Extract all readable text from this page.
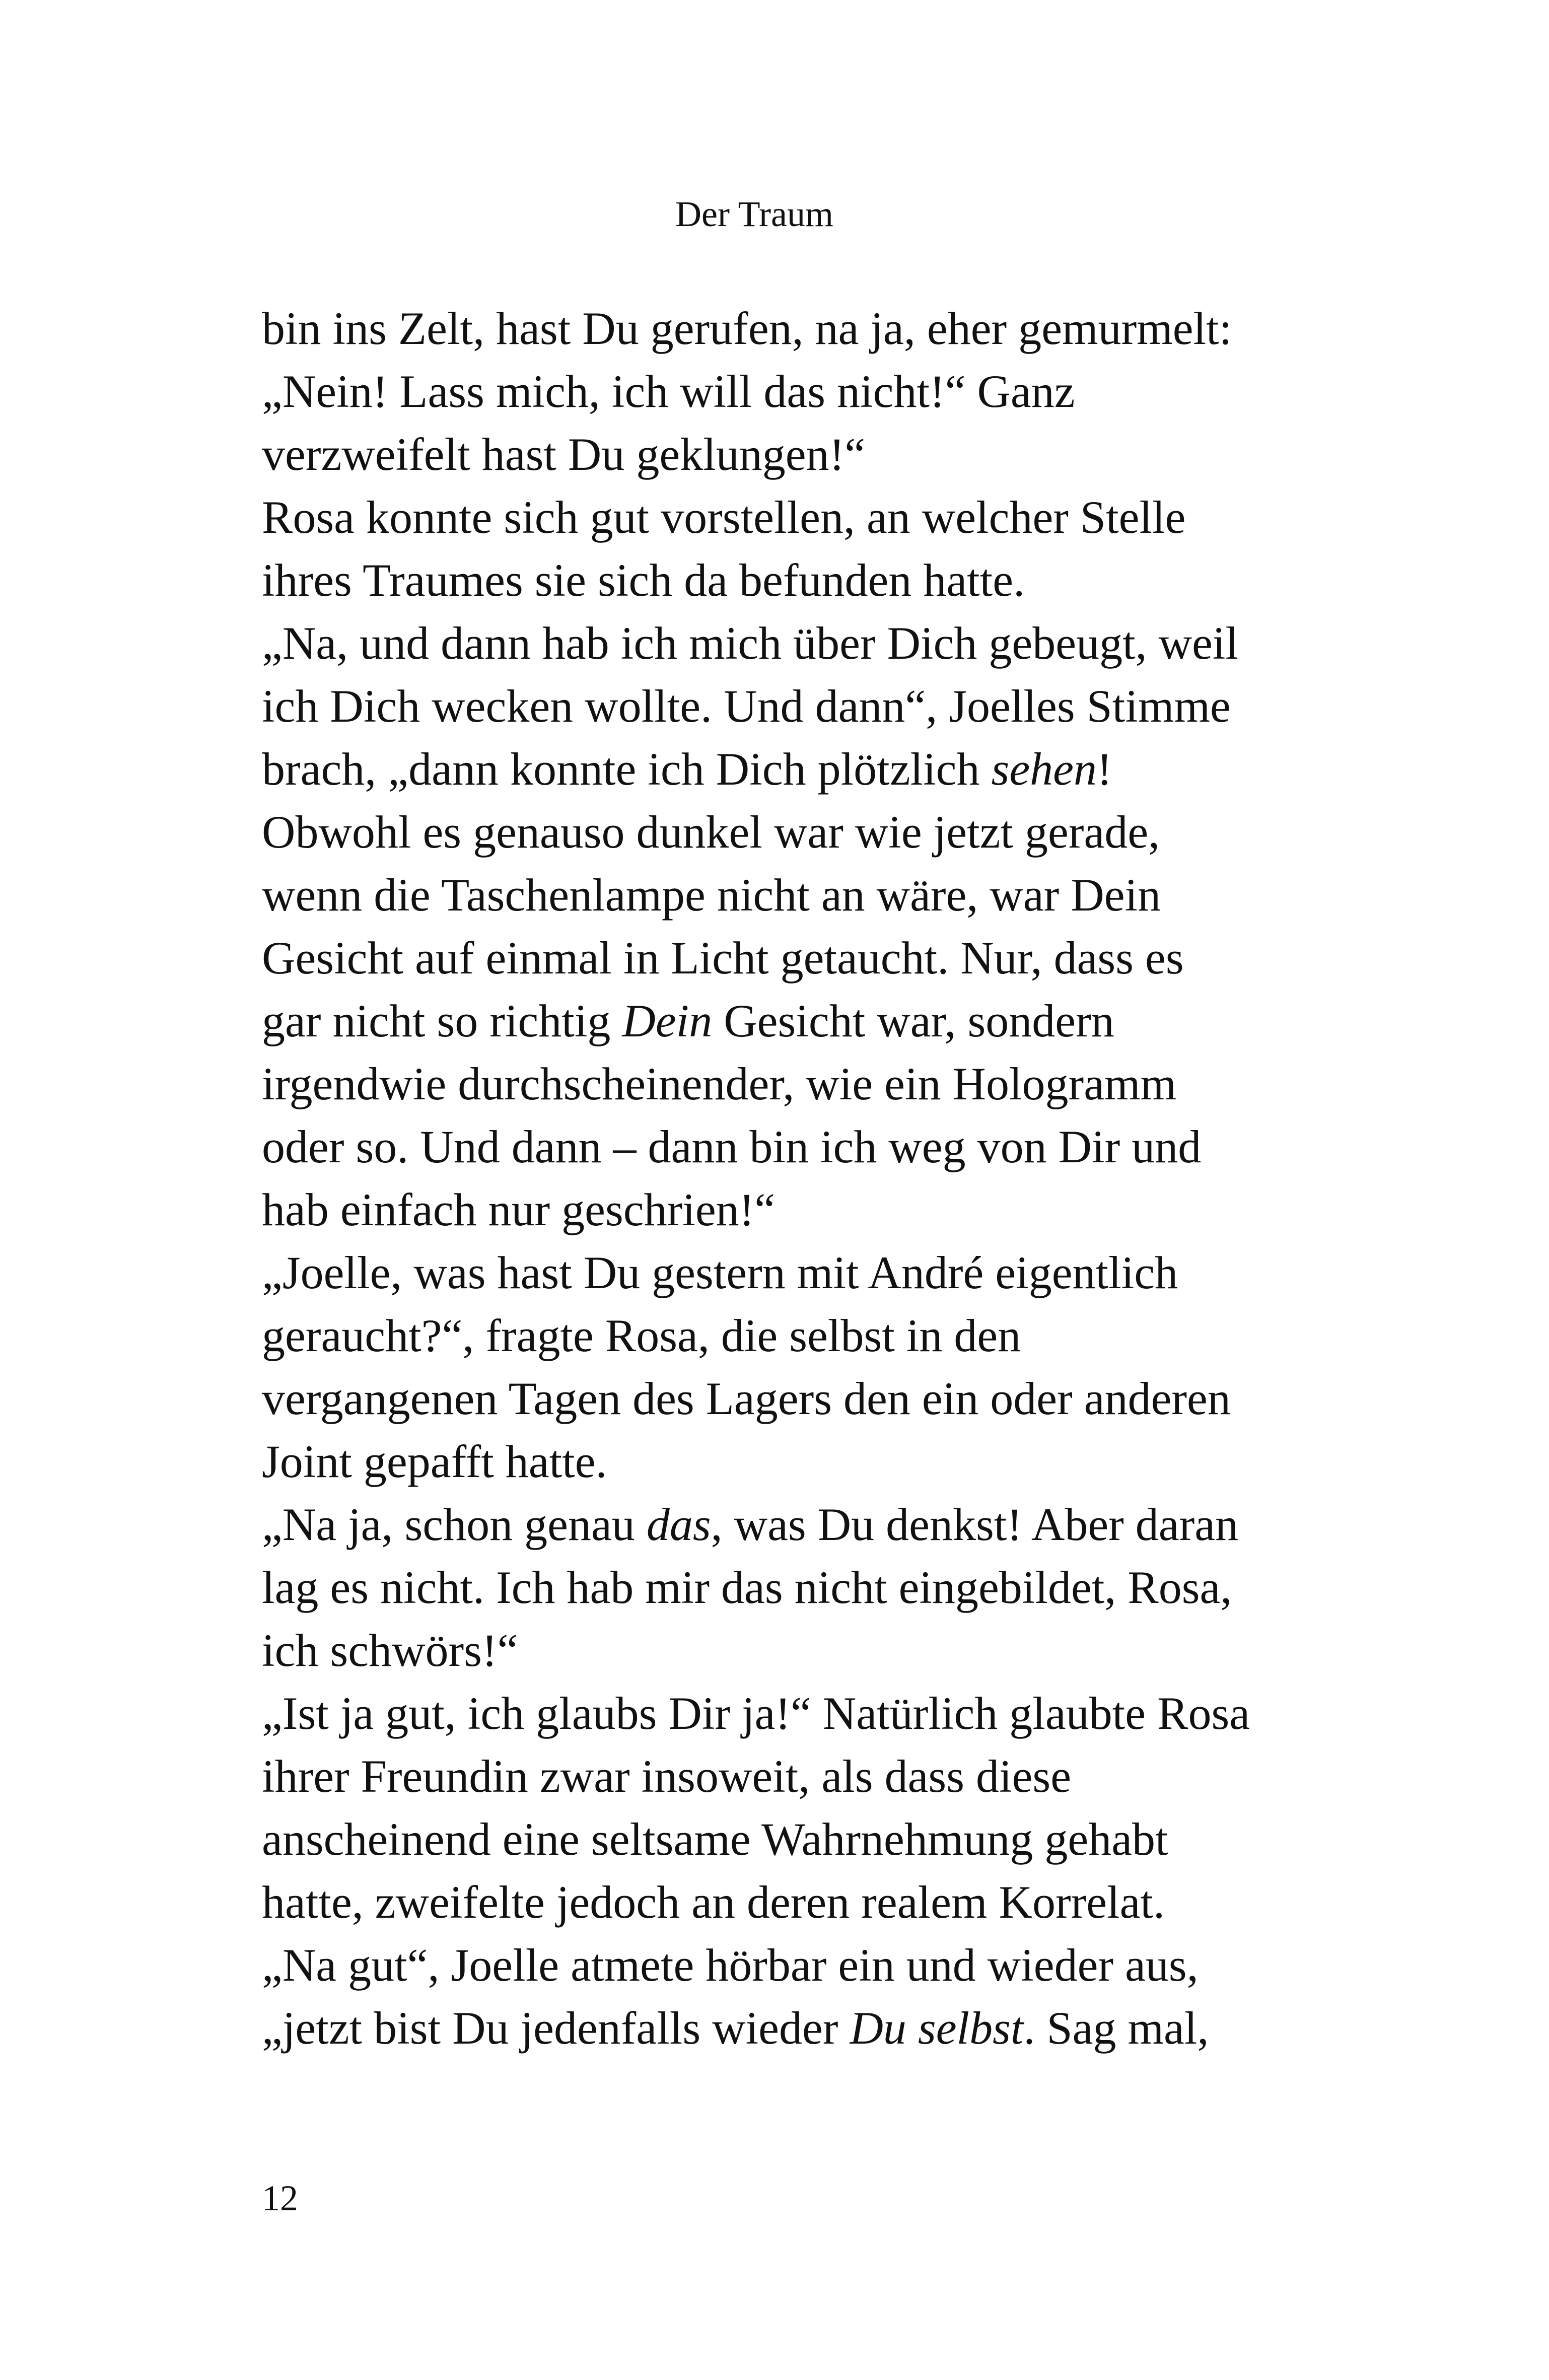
Der Traum
bin ins Zelt, hast Du gerufen, na ja, eher gemurmelt:
„Nein! Lass mich, ich will das nicht!“ Ganz
verzweifelt hast Du geklungen!“
Rosa konnte sich gut vorstellen, an welcher Stelle
ihres Traumes sie sich da befunden hatte.
„Na, und dann hab ich mich über Dich gebeugt, weil
ich Dich wecken wollte. Und dann“, Joelles Stimme
brach, „dann konnte ich Dich plötzlich sehen!
Obwohl es genauso dunkel war wie jetzt gerade,
wenn die Taschenlampe nicht an wäre, war Dein
Gesicht auf einmal in Licht getaucht. Nur, dass es
gar nicht so richtig Dein Gesicht war, sondern
irgendwie durchscheinender, wie ein Hologramm
oder so. Und dann – dann bin ich weg von Dir und
hab einfach nur geschrien!“
„Joelle, was hast Du gestern mit André eigentlich
geraucht?“, fragte Rosa, die selbst in den
vergangenen Tagen des Lagers den ein oder anderen
Joint gepafft hatte.
„Na ja, schon genau das, was Du denkst! Aber daran
lag es nicht. Ich hab mir das nicht eingebildet, Rosa,
ich schwörs!“
„Ist ja gut, ich glaubs Dir ja!“ Natürlich glaubte Rosa
ihrer Freundin zwar insoweit, als dass diese
anscheinend eine seltsame Wahrnehmung gehabt
hatte, zweifelte jedoch an deren realem Korrelat.
„Na gut“, Joelle atmete hörbar ein und wieder aus,
„jetzt bist Du jedenfalls wieder Du selbst. Sag mal,
12
